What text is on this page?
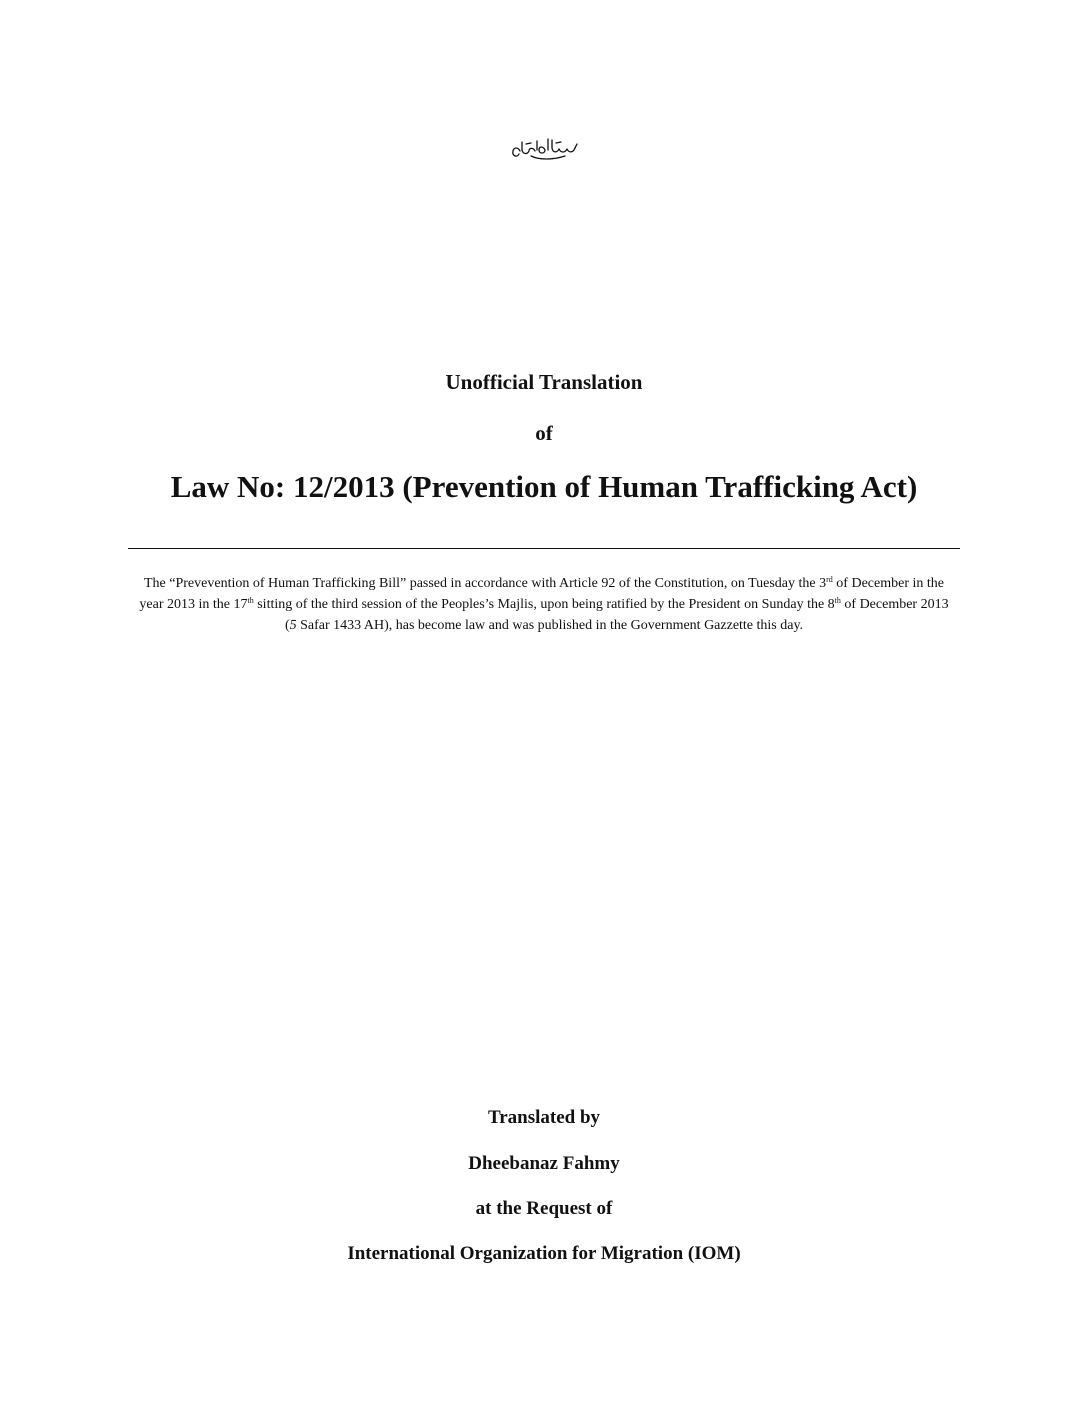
Unofficial Translation
of
Law No: 12/2013 (Prevention of Human Trafficking Act)
The “Prevevention of Human Trafficking Bill” passed in accordance with Article 92 of the Constitution, on Tuesday the 3rd of December in the year 2013 in the 17th sitting of the third session of the Peoples’s Majlis, upon being ratified by the President on Sunday the 8th of December 2013 (5 Safar 1433 AH), has become law and was published in the Government Gazzette this day.
Translated by
Dheebanaz Fahmy
at the Request of
International Organization for Migration (IOM)
